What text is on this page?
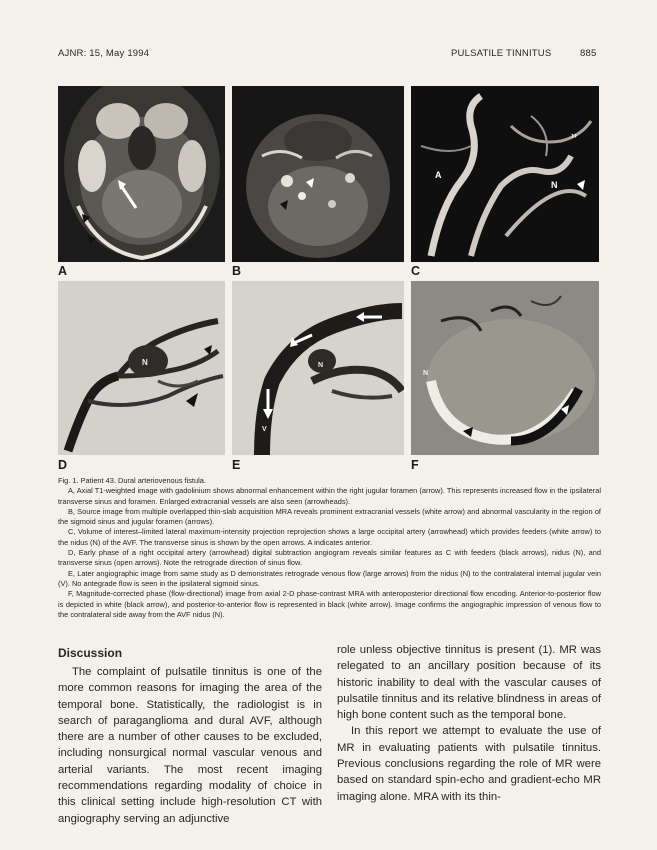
AJNR: 15, May 1994	PULSATILE TINNITUS	885
A	B
A
N
››
C
N
D
V
N
E
N
F

Fig. 1. Patient 43. Dural arteriovenous fistula.

A, Axial T1-weighted image with gadolinium shows abnormal enhancement within the right jugular foramen (arrow). This represents increased flow in the ipsilateral transverse sinus and foramen. Enlarged extracranial vessels are also seen (arrowheads).

B, Source image from multiple overlapped thin-slab acquisition MRA reveals prominent extracranial vessels (white arrow) and abnormal vascularity in the region of the sigmoid sinus and jugular foramen (arrows).

C, Volume of interest–limited lateral maximum-intensity projection reprojection shows a large occipital artery (arrowhead) which provides feeders (white arrow) to the nidus (N) of the AVF. The transverse sinus is shown by the open arrows. A indicates anterior.

D, Early phase of a right occipital artery (arrowhead) digital subtraction angiogram reveals similar features as C with feeders (black arrows), nidus (N), and transverse sinus (open arrows). Note the retrograde direction of sinus flow.

E, Later angiographic image from same study as D demonstrates retrograde venous flow (large arrows) from the nidus (N) to the contralateral internal jugular vein (V). No antegrade flow is seen in the ipsilateral sigmoid sinus.

F, Magnitude-corrected phase (flow-directional) image from axial 2-D phase-contrast MRA with anteroposterior directional flow encoding. Anterior-to-posterior flow is depicted in white (black arrow), and posterior-to-anterior flow is represented in black (white arrow). Image confirms the angiographic impression of venous flow to the contralateral side away from the AVF nidus (N).

Discussion

The complaint of pulsatile tinnitus is one of the more common reasons for imaging the area of the temporal bone. Statistically, the radiologist is in search of paraganglioma and dural AVF, although there are a number of other causes to be excluded, including nonsurgical normal vascular venous and arterial variants. The most recent imaging recommendations regarding modality of choice in this clinical setting include high-resolution CT with angiography serving an adjunctive

role unless objective tinnitus is present (1). MR was relegated to an ancillary position because of its historic inability to deal with the vascular causes of pulsatile tinnitus and its relative blindness in areas of high bone content such as the temporal bone.

In this report we attempt to evaluate the use of MR in evaluating patients with pulsatile tinnitus. Previous conclusions regarding the role of MR were based on standard spin-echo and gradient-echo MR imaging alone. MRA with its thin-
